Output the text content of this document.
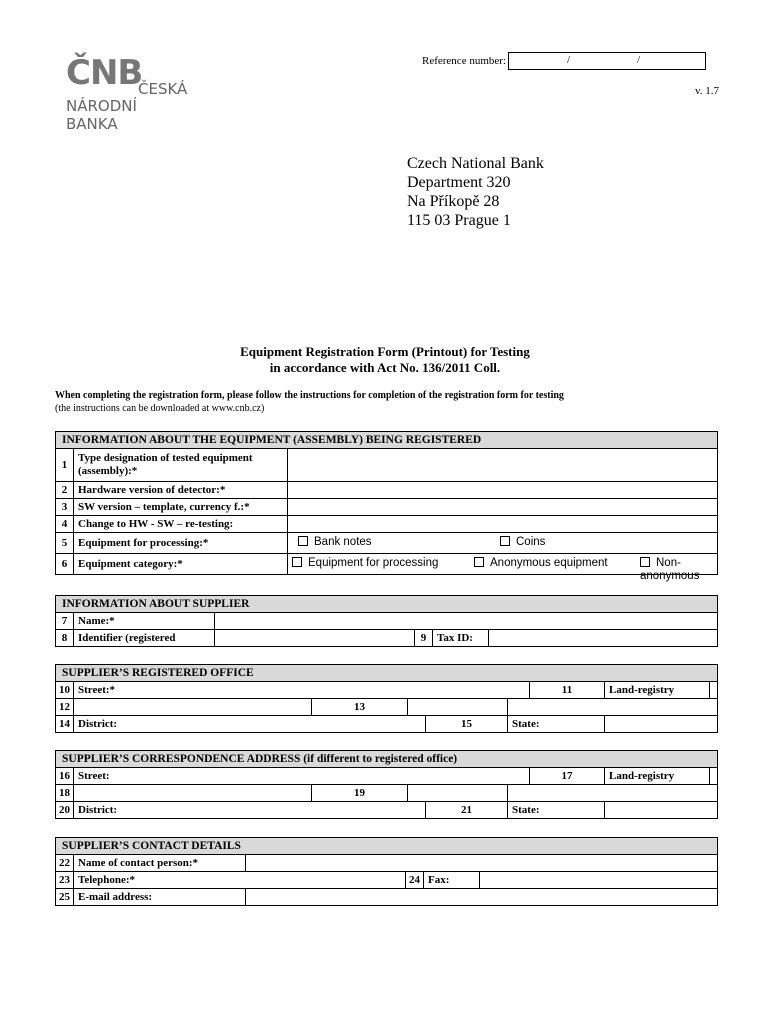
Reference number:	/	/
v. 1.7
ČNB
ČESKÁ
NÁRODNÍ
BANKA
Czech National Bank
Department 320
Na Příkopě 28
115 03 Prague 1
Equipment Registration Form (Printout) for Testing
in accordance with Act No. 136/2011 Coll.
When completing the registration form, please follow the instructions for completion of the registration form for testing
(the instructions can be downloaded at www.cnb.cz)
INFORMATION ABOUT THE EQUIPMENT (ASSEMBLY) BEING REGISTERED		
1	Type designation of tested equipment (assembly):*	
2	Hardware version of detector:*	
3	SW version – template, currency f.:*	
4	Change to HW - SW – re-testing:	
5	Equipment for processing:*	Bank notes Coins

6	Equipment category:*	Equipment for processing Anonymous equipment Non-anonymous
INFORMATION ABOUT SUPPLIER					
7	Name:*				
8	Identifier (registered		9	Tax ID:	
SUPPLIER’S REGISTERED OFFICE							
10	Street:*					11	Land-registry

12		13					
14	District:			15	State:		
SUPPLIER’S CORRESPONDENCE ADDRESS (if different to registered office)							
16	Street:					17	Land-registry

18		19					
20	District:			21	State:		
SUPPLIER’S CONTACT DETAILS					
22	Name of contact person:*				
23	Telephone:*		24	Fax:	
25	E-mail address:				
